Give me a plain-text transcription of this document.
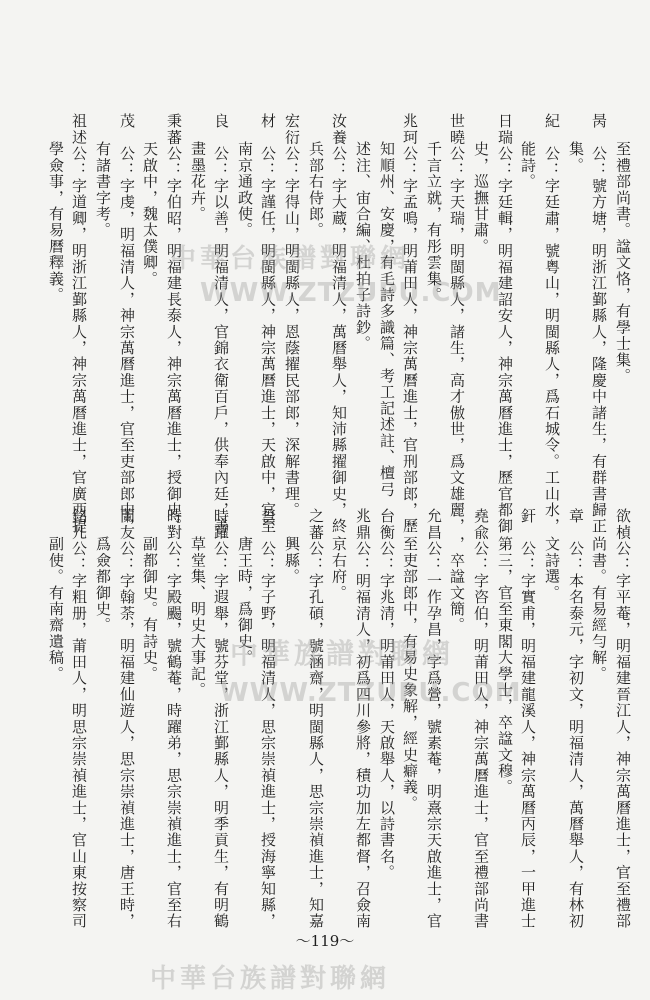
至禮部尚書。諡文恪，有學士集。
昺　公：號方塘，明浙江鄞縣人，隆慶中諸生，有群書歸正
集。
紀　公：字廷肅，號粤山，明閩縣人，爲石城令。工山水，
能詩。
日瑞公：字廷輯，明福建詔安人，神宗萬曆進士，歷官都御
史，巡撫甘肅。
世曉公：字天瑞，明閩縣人，諸生，高才傲世，爲文雄麗，
千言立就，有彤雲集。
兆珂公：字孟鳴，明莆田人，神宗萬曆進士，官刑部郎，歷
知順州、安慶，有毛詩多識篇、考工記述註、檀弓
述注、宙合編、杜拍子詩鈔。
汝養公：字大蔵，明福清人，萬曆舉人，知沛縣擢御史，終
兵部右侍郎。
宏衍公：字得山，明閩縣人，恩蔭擢民部郎，深解書理。
材　公：字謹任，明閩縣人，神宗萬曆進士，天啟中，官至
南京通政使。
良　公：字以善，明福清人，官錦衣衛百戶，供奉內廷，善
畫墨花卉。
秉蕃公：字伯昭，明福建長泰人，神宗萬曆進士，授御史。
天啟中，魏太僕卿。
茂　公：字虔，明福清人，神宗萬曆進士，官至吏部郎中，
有諸書字考。
祖述公：字道卿，明浙江鄞縣人，神宗萬曆進士，官廣西提
學僉事，有易曆釋義。
欲楨公：字平菴，明福建晉江人，神宗萬曆進士，官至禮部
尚書。有易經勻解。
章　公：本名泰元，字初文，明福清人，萬曆舉人，有林初
文詩選。
釬　公：字實甫，明福建龍溪人，神宗萬曆丙辰，一甲進士
第三，官至東閣大學士，卒諡文穆。
堯兪公：字咨伯，明莆田人，神宗萬曆進士，官至禮部尚書
，卒諡文簡。
允昌公：一作孕昌，字爲營，號素菴，明熹宗天啟進士，官
至吏部郎中，有易史象解，經史癖義。
台衡公：字兆清，明莆田人，天啟舉人，以詩書名。
兆鼎公：明福清人，初爲四川參將，積功加左都督，召僉南
京右府。
之蕃公：字孔碩，號涵齋，明閩縣人，思宗崇禎進士，知嘉
興縣。
巹　公：字子野，明福清人，思宗崇禎進士，授海寧知縣，
唐王時，爲御史。
時躍公：字遐舉，號芬堂，浙江鄞縣人，明季貢生，有明鶴
草堂集、明史大事記。
時對公：字殿颺，號鶴菴，時躍弟，思宗崇禎進士，官至右
副都御史。有詩史。
蘭友公：字翰荼，明福建仙遊人，思宗崇禎進士，唐王時，
爲僉都御史。
銘儿公：字粗册，莆田人，明思宗崇禎進士，官山東按察司
副使。有南齋遺稿。
中華台族譜對聯網
WWW.ZTZUPU.COM
中華族譜對聯網
WWW.ZTZUPU.COM
中華台族譜對聯網
～119～
